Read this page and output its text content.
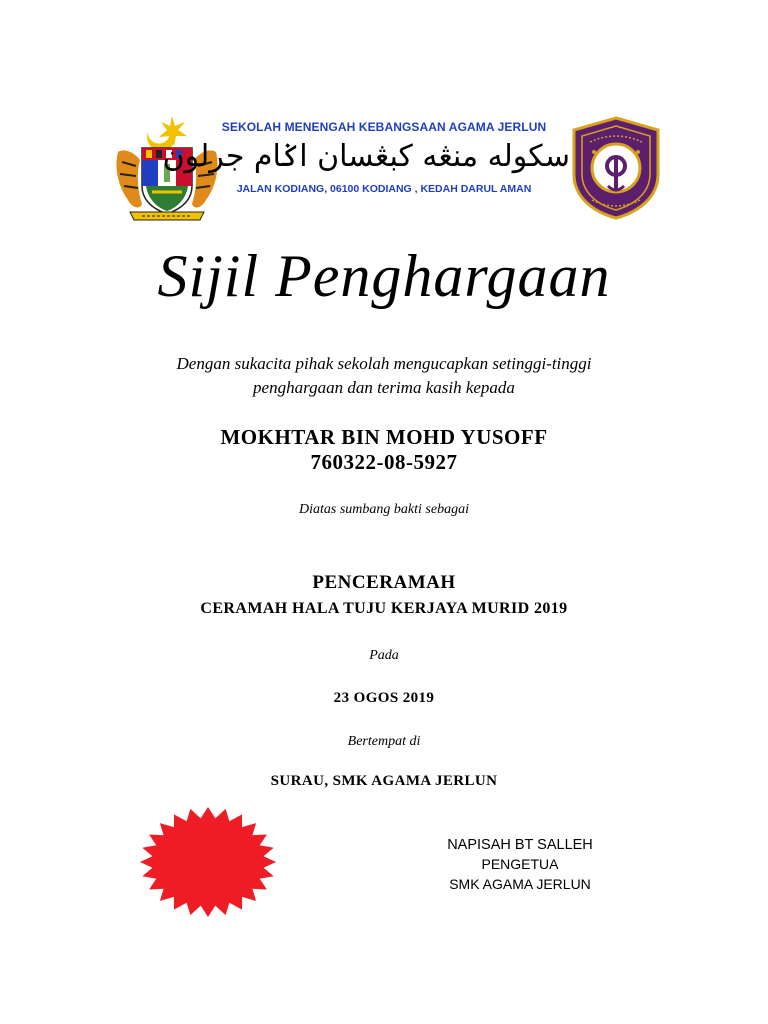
SEKOLAH MENENGAH KEBANGSAAN AGAMA JERLUN
سكوله منڠه كبڠسان اݢام جرلون
JALAN KODIANG, 06100 KODIANG , KEDAH DARUL AMAN
Sijil Penghargaan
Dengan sukacita pihak sekolah mengucapkan setinggi-tinggi
penghargaan dan terima kasih kepada
MOKHTAR BIN MOHD YUSOFF
760322-08-5927
Diatas sumbang bakti sebagai
PENCERAMAH
CERAMAH HALA TUJU KERJAYA MURID 2019
Pada
23 OGOS 2019
Bertempat di
SURAU, SMK AGAMA JERLUN
NAPISAH BT SALLEH
PENGETUA
SMK AGAMA JERLUN
